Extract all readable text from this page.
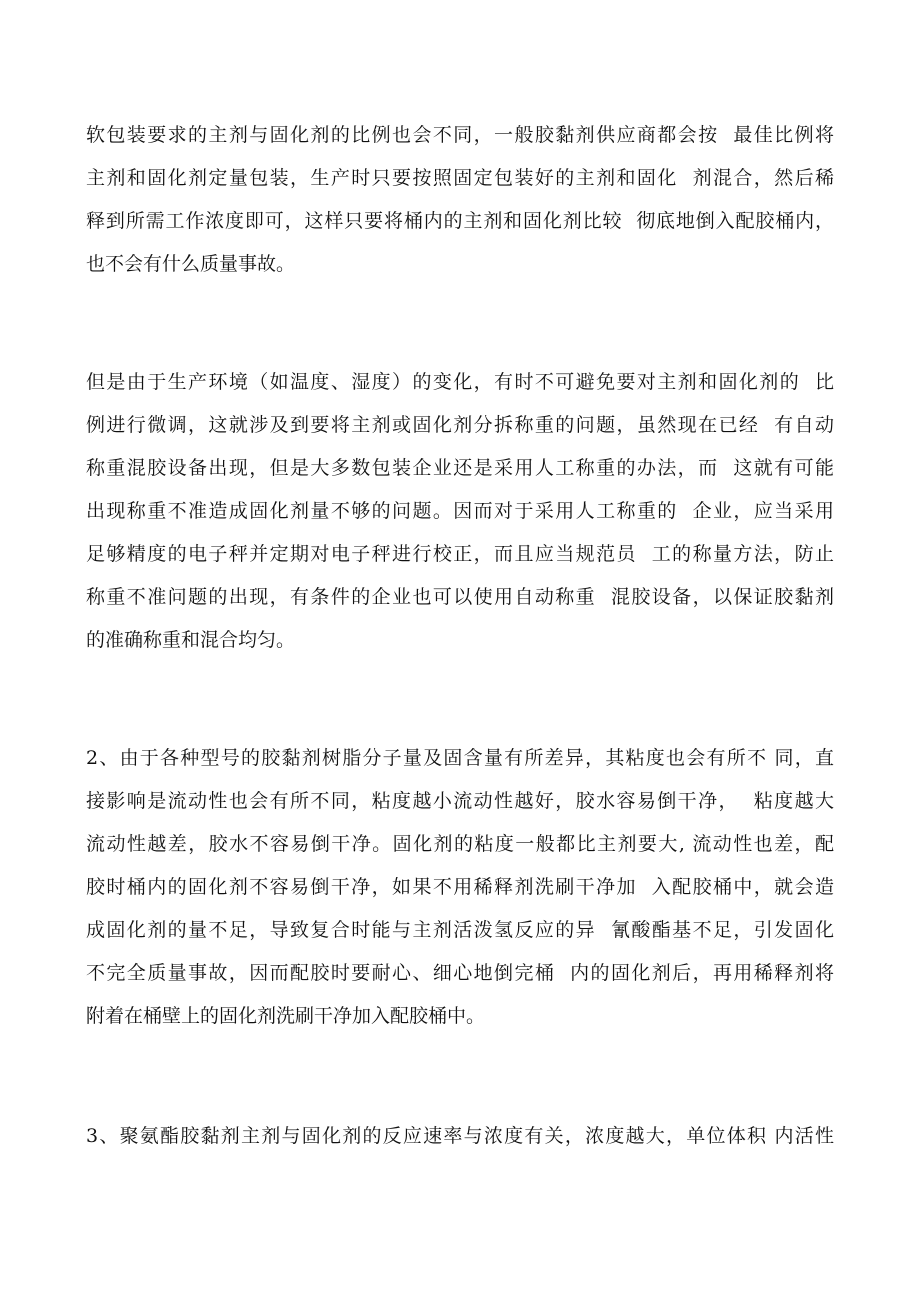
软包装要求的主剂与固化剂的比例也会不同，一般胶黏剂供应商都会按  最佳比例将
主剂和固化剂定量包装，生产时只要按照固定包装好的主剂和固化  剂混合，然后稀
释到所需工作浓度即可，这样只要将桶内的主剂和固化剂比较  彻底地倒入配胶桶内，
也不会有什么质量事故。
但是由于生产环境（如温度、湿度）的变化，有时不可避免要对主剂和固化剂的  比
例进行微调，这就涉及到要将主剂或固化剂分拆称重的问题，虽然现在已经  有自动
称重混胶设备出现，但是大多数包装企业还是采用人工称重的办法，而  这就有可能
出现称重不准造成固化剂量不够的问题。因而对于采用人工称重的  企业，应当采用
足够精度的电子秤并定期对电子秤进行校正，而且应当规范员  工的称量方法，防止
称重不准问题的出现，有条件的企业也可以使用自动称重  混胶设备，以保证胶黏剂
的准确称重和混合均匀。
2、由于各种型号的胶黏剂树脂分子量及固含量有所差异，其粘度也会有所不 同，直
接影响是流动性也会有所不同，粘度越小流动性越好，胶水容易倒干净，  粘度越大
流动性越差，胶水不容易倒干净。固化剂的粘度一般都比主剂要大, 流动性也差，配
胶时桶内的固化剂不容易倒干净，如果不用稀释剂洗刷干净加  入配胶桶中，就会造
成固化剂的量不足，导致复合时能与主剂活泼氢反应的异  氰酸酯基不足，引发固化
不完全质量事故，因而配胶时要耐心、细心地倒完桶  内的固化剂后，再用稀释剂将
附着在桶壁上的固化剂洗刷干净加入配胶桶中。
3、聚氨酯胶黏剂主剂与固化剂的反应速率与浓度有关，浓度越大，单位体积 内活性
